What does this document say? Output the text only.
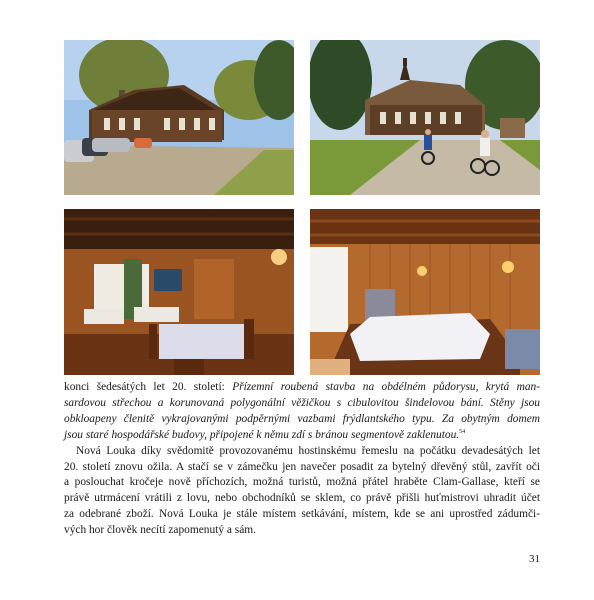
konci šedesátých let 20. století: Přízemní roubená stavba na obdélném půdorysu, krytá man-
sardovou střechou a korunovaná polygonální věžičkou s cibulovitou šindelovou bání. Stěny jsou
obkloapeny členitě vykrajovanými podpěrnými vazbami frýdlantského typu. Za obytným domem
jsou staré hospodářské budovy, připojené k němu zdí s bránou segmentově zaklenutou.$^{54}$

Nová Louka díky svědomitě provozovanému hostinskému řemeslu na počátku devadesátých let
20. století znovu ožila. A stačí se v zámečku jen navečer posadit za bytelný dřevěný stůl, zavřít oči
a poslouchat kročeje nově příchozích, možná turistů, možná přátel hraběte Clam-Gallase, kteří se
právě utrmácení vrátili z lovu, nebo obchodníků se sklem, co právě přišli huťmistrovi uhradit účet
za odebrané zboží. Nová Louka je stále místem setkávání, místem, kde se ani uprostřed zádumči-
vých hor člověk necítí zapomenutý a sám.

31
